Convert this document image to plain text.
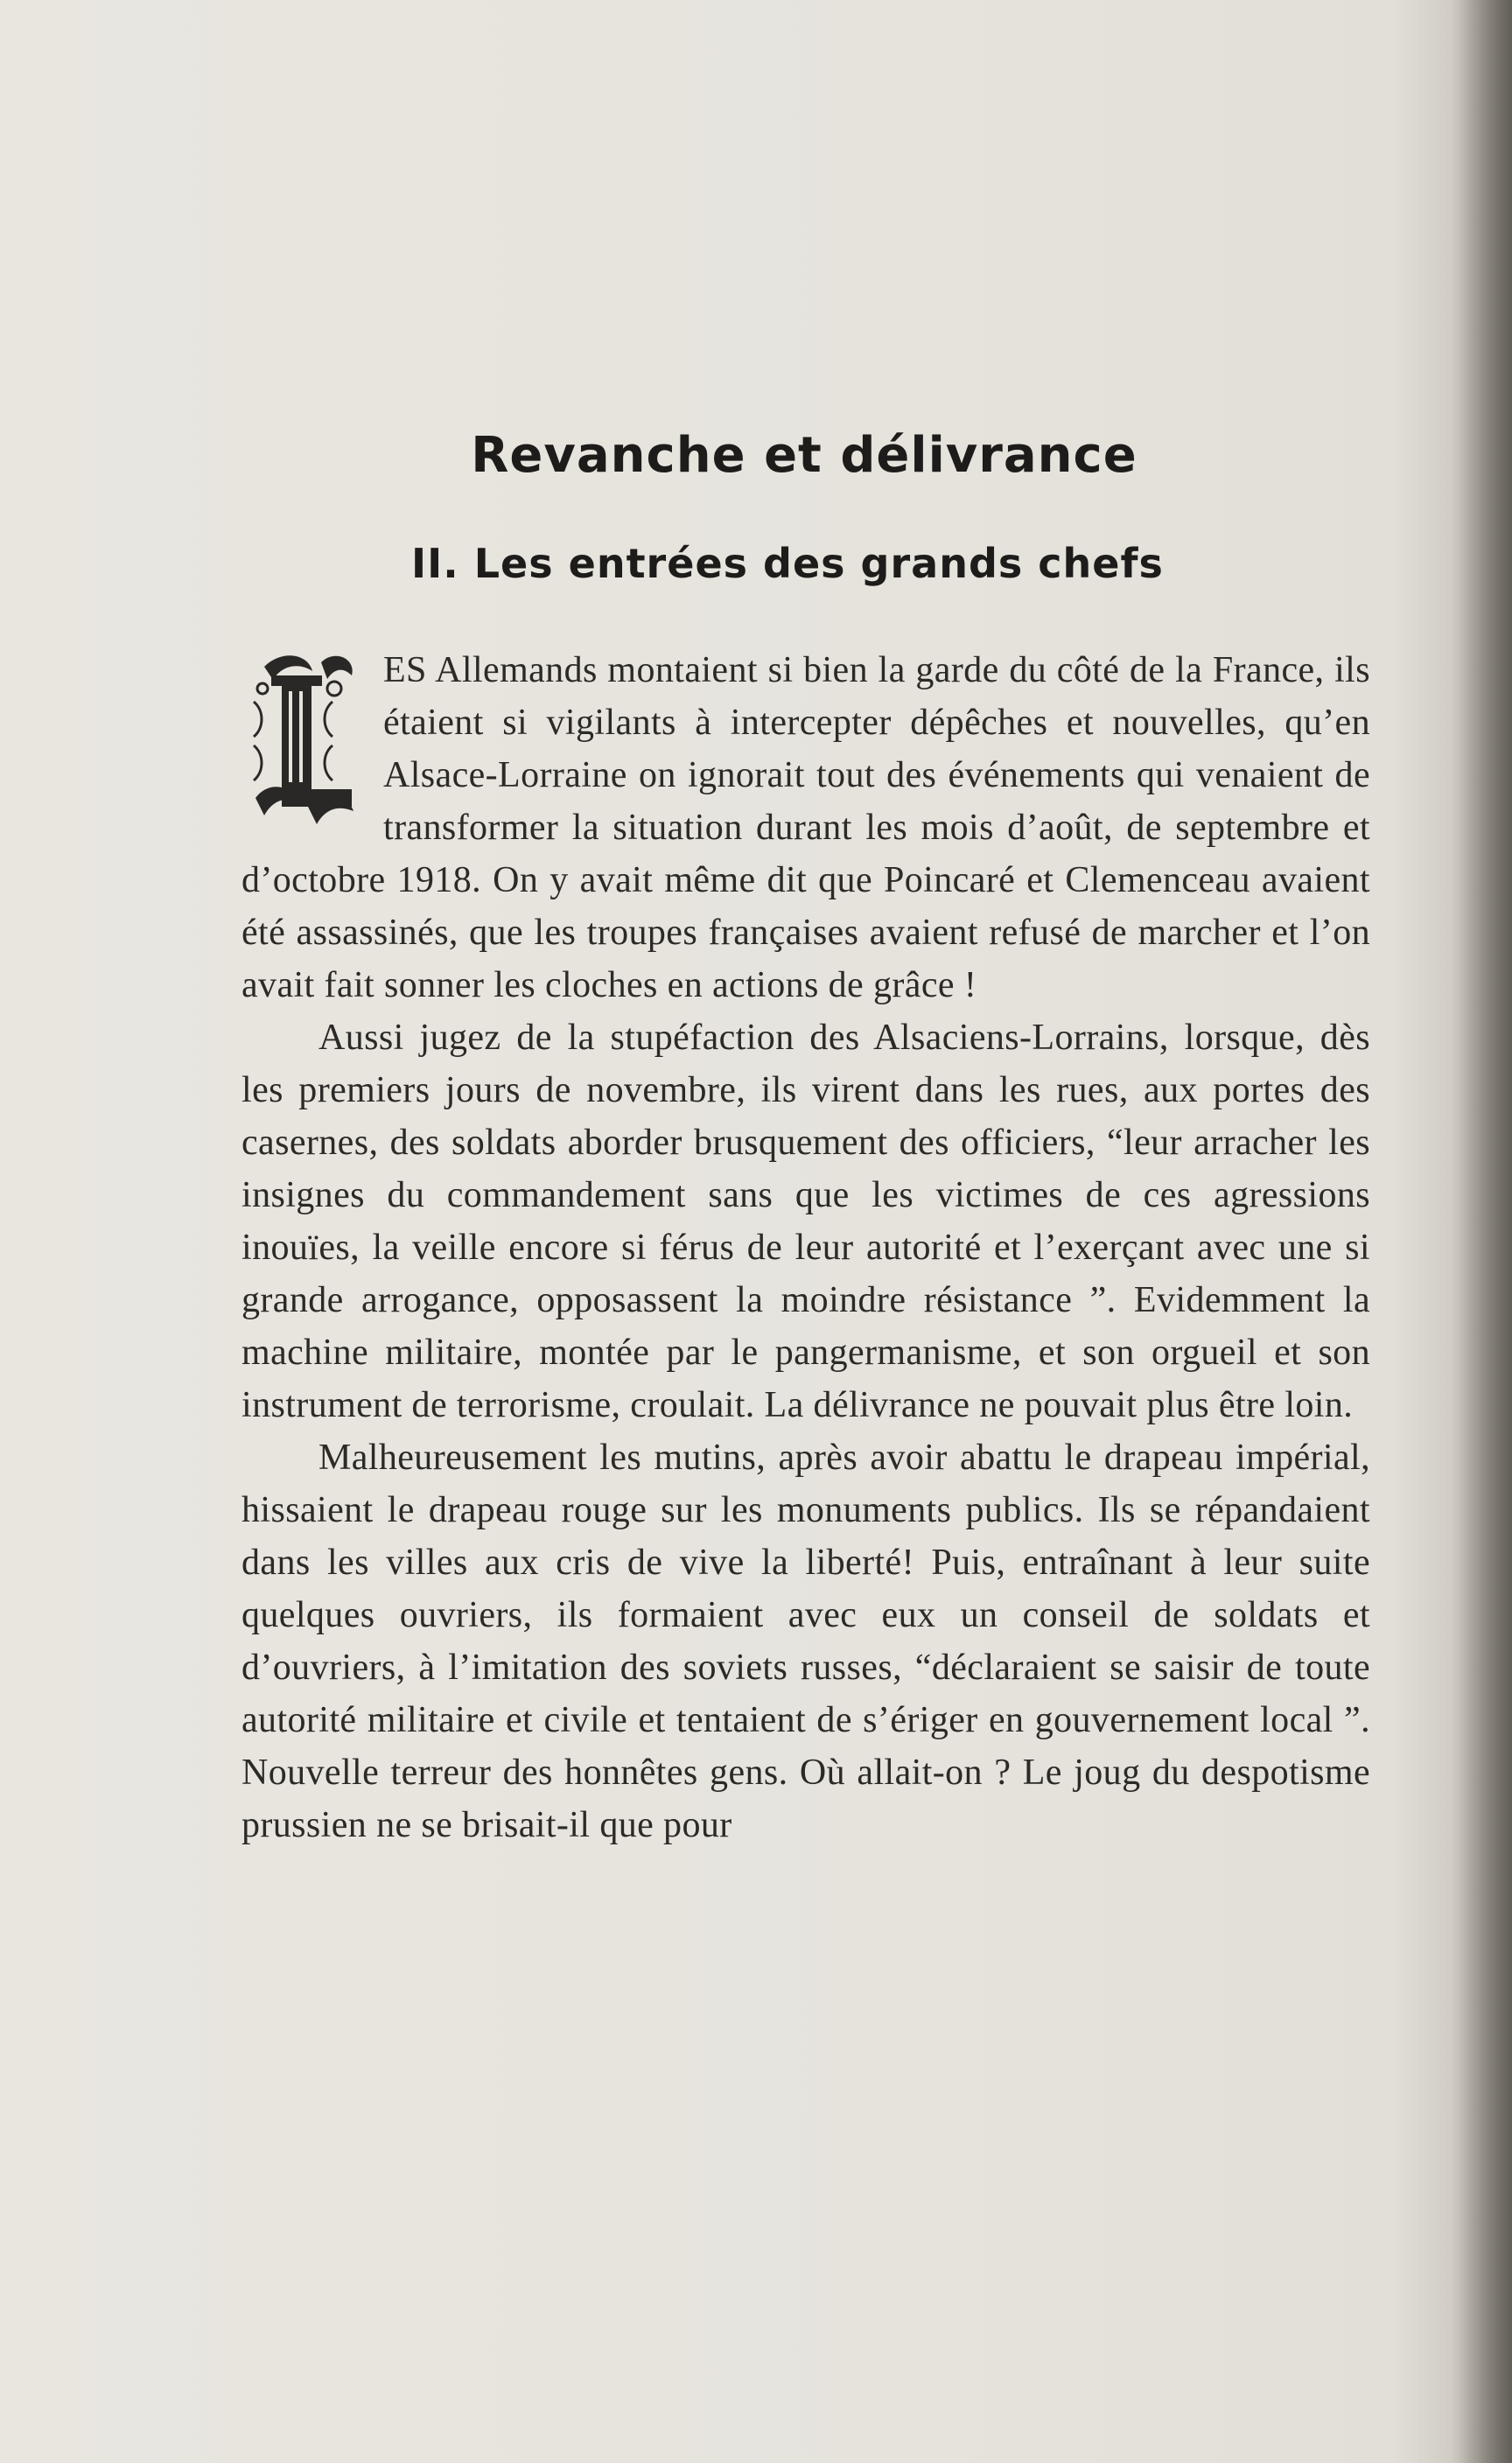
Revanche et délivrance
II. Les entrées des grands chefs

ES Allemands montaient si bien la garde du côté de la France, ils étaient si vigilants à intercepter dépêches et nouvelles, qu’en Alsace-Lorraine on ignorait tout des événements qui venaient de transformer la situation durant les mois d’août, de septembre et d’octobre 1918. On y avait même dit que Poincaré et Clemenceau avaient été assassinés, que les troupes françaises avaient refusé de marcher et l’on avait fait sonner les cloches en actions de grâce !

Aussi jugez de la stupéfaction des Alsaciens-Lorrains, lorsque, dès les premiers jours de novembre, ils virent dans les rues, aux portes des casernes, des soldats aborder brusquement des officiers, “leur arracher les insignes du commandement sans que les victimes de ces agressions inouïes, la veille encore si férus de leur autorité et l’exerçant avec une si grande arrogance, opposassent la moindre résistance ”. Evidemment la machine militaire, montée par le pangermanisme, et son orgueil et son instrument de terrorisme, croulait. La délivrance ne pouvait plus être loin.

Malheureusement les mutins, après avoir abattu le drapeau impérial, hissaient le drapeau rouge sur les monuments publics. Ils se répandaient dans les villes aux cris de vive la liberté! Puis, entraînant à leur suite quelques ouvriers, ils formaient avec eux un conseil de soldats et d’ouvriers, à l’imitation des soviets russes, “déclaraient se saisir de toute autorité militaire et civile et tentaient de s’ériger en gouvernement local ”. Nouvelle terreur des honnêtes gens. Où allait-on ? Le joug du despotisme prussien ne se brisait-il que pour
